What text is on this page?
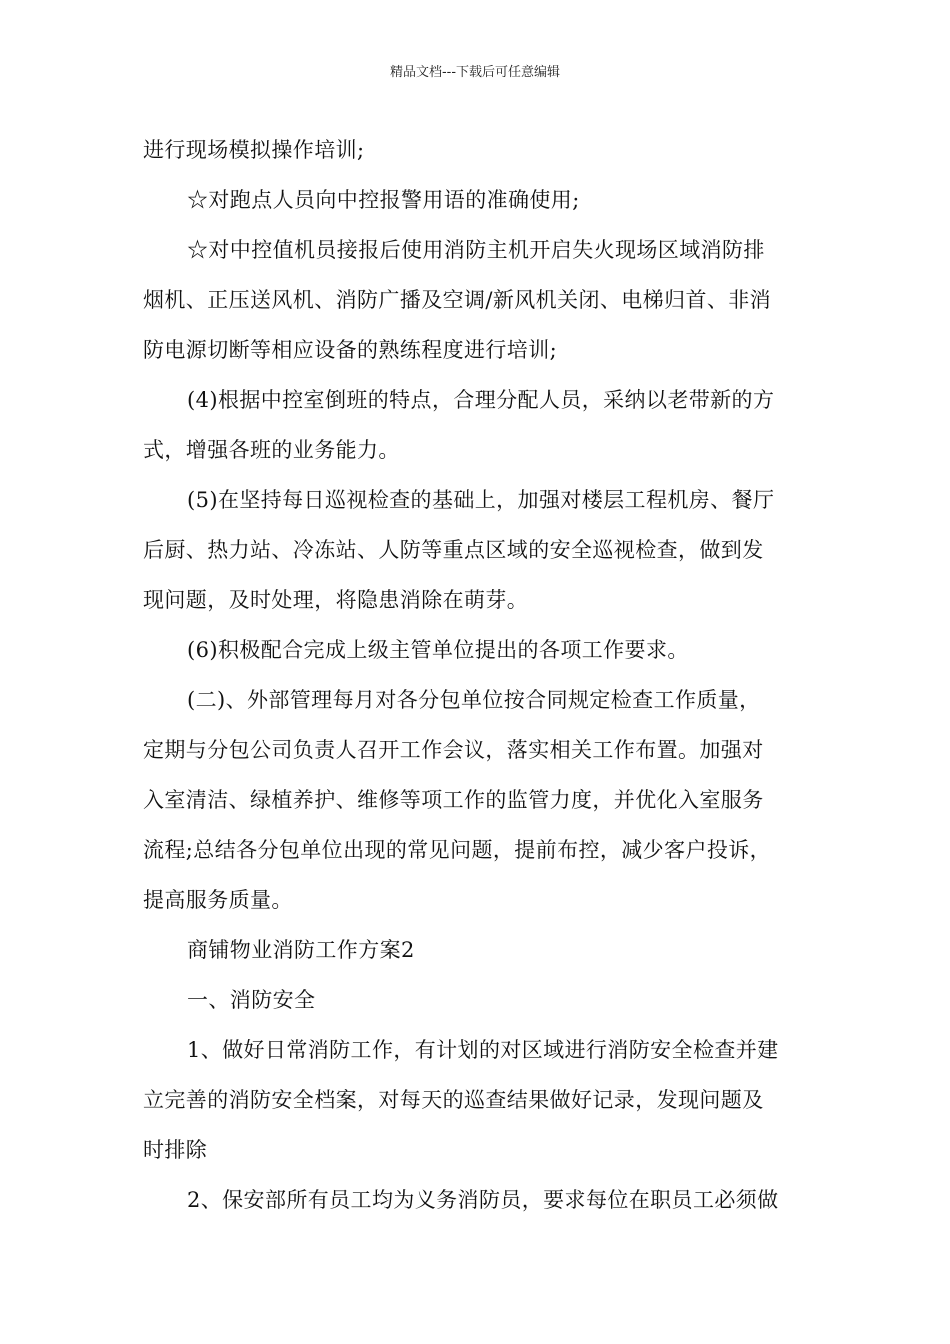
精品文档---下载后可任意编辑
进行现场模拟操作培训;
☆对跑点人员向中控报警用语的准确使用;
☆对中控值机员接报后使用消防主机开启失火现场区域消防排
烟机、正压送风机、消防广播及空调/新风机关闭、电梯归首、非消
防电源切断等相应设备的熟练程度进行培训;
(4)根据中控室倒班的特点，合理分配人员，采纳以老带新的方
式，增强各班的业务能力。
(5)在坚持每日巡视检查的基础上，加强对楼层工程机房、餐厅
后厨、热力站、冷冻站、人防等重点区域的安全巡视检查，做到发
现问题，及时处理，将隐患消除在萌芽。
(6)积极配合完成上级主管单位提出的各项工作要求。
(二)、外部管理每月对各分包单位按合同规定检查工作质量，
定期与分包公司负责人召开工作会议，落实相关工作布置。加强对
入室清洁、绿植养护、维修等项工作的监管力度，并优化入室服务
流程;总结各分包单位出现的常见问题，提前布控，减少客户投诉，
提高服务质量。
商铺物业消防工作方案2
一、消防安全
1、做好日常消防工作，有计划的对区域进行消防安全检查并建
立完善的消防安全档案，对每天的巡查结果做好记录，发现问题及
时排除
2、保安部所有员工均为义务消防员，要求每位在职员工必须做
